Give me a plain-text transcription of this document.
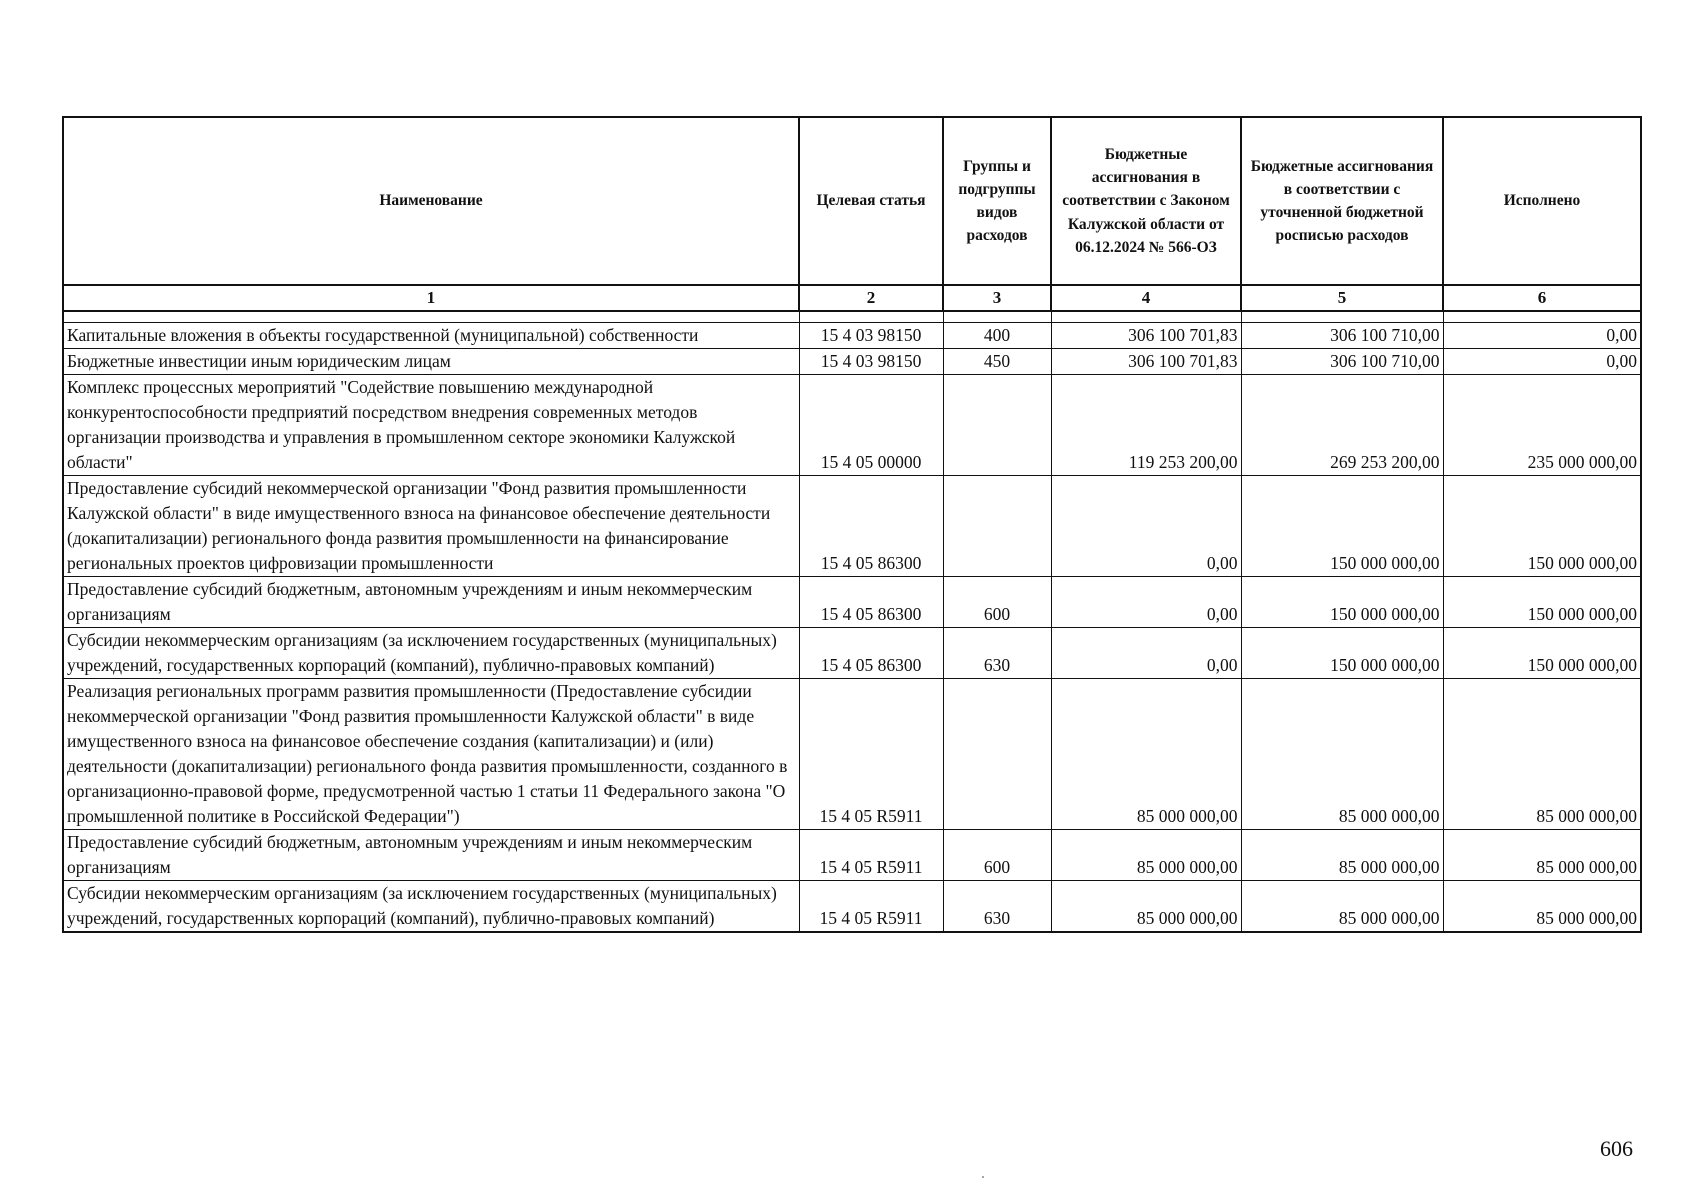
Наименование	Целевая статья	Группы и подгруппы видов расходов	Бюджетные ассигнования в соответствии с Законом Калужской области от 06.12.2024 № 566-ОЗ	Бюджетные ассигнования в соответствии с уточненной бюджетной росписью расходов	Исполнено
1	2	3	4	5	6

Капитальные вложения в объекты государственной (муниципальной) собственности	15 4 03 98150	400	306 100 701,83	306 100 710,00	0,00
Бюджетные инвестиции иным юридическим лицам	15 4 03 98150	450	306 100 701,83	306 100 710,00	0,00
Комплекс процессных мероприятий "Содействие повышению международной конкурентоспособности предприятий посредством внедрения современных методов организации производства и управления в промышленном секторе экономики Калужской области"	15 4 05 00000		119 253 200,00	269 253 200,00	235 000 000,00
Предоставление субсидий некоммерческой организации "Фонд развития промышленности Калужской области" в виде имущественного взноса на финансовое обеспечение деятельности (докапитализации) регионального фонда развития промышленности на финансирование региональных проектов цифровизации промышленности	15 4 05 86300		0,00	150 000 000,00	150 000 000,00
Предоставление субсидий бюджетным, автономным учреждениям и иным некоммерческим организациям	15 4 05 86300	600	0,00	150 000 000,00	150 000 000,00
Субсидии некоммерческим организациям (за исключением государственных (муниципальных) учреждений, государственных корпораций (компаний), публично-правовых компаний)	15 4 05 86300	630	0,00	150 000 000,00	150 000 000,00
Реализация региональных программ развития промышленности (Предоставление субсидии некоммерческой организации "Фонд развития промышленности Калужской области" в виде имущественного взноса на финансовое обеспечение создания (капитализации) и (или) деятельности (докапитализации) регионального фонда развития промышленности, созданного в организационно-правовой форме, предусмотренной частью 1 статьи 11 Федерального закона "О промышленной политике в Российской Федерации")	15 4 05 R5911		85 000 000,00	85 000 000,00	85 000 000,00
Предоставление субсидий бюджетным, автономным учреждениям и иным некоммерческим организациям	15 4 05 R5911	600	85 000 000,00	85 000 000,00	85 000 000,00
Субсидии некоммерческим организациям (за исключением государственных (муниципальных) учреждений, государственных корпораций (компаний), публично-правовых компаний)	15 4 05 R5911	630	85 000 000,00	85 000 000,00	85 000 000,00
606
